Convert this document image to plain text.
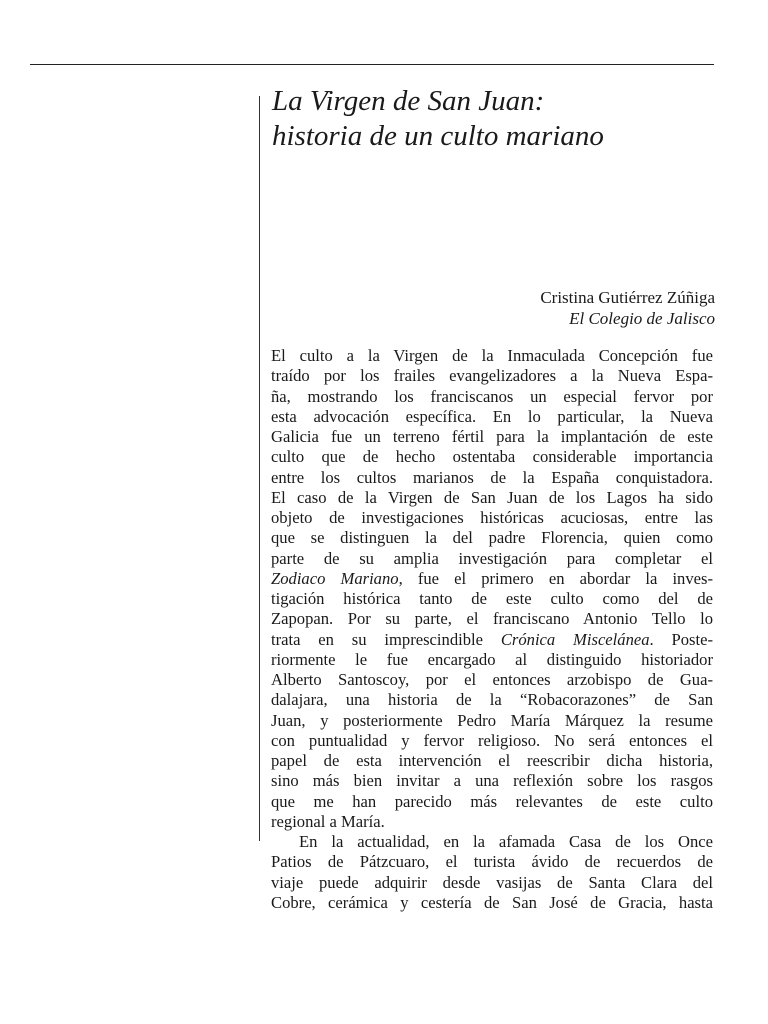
La Virgen de San Juan:
historia de un culto mariano
Cristina Gutiérrez Zúñiga
El Colegio de Jalisco
El culto a la Virgen de la Inmaculada Concepción fue
traído por los frailes evangelizadores a la Nueva Espa-
ña, mostrando los franciscanos un especial fervor por
esta advocación específica. En lo particular, la Nueva
Galicia fue un terreno fértil para la implantación de este
culto que de hecho ostentaba considerable importancia
entre los cultos marianos de la España conquistadora.
El caso de la Virgen de San Juan de los Lagos ha sido
objeto de investigaciones históricas acuciosas, entre las
que se distinguen la del padre Florencia, quien como
parte de su amplia investigación para completar el
Zodiaco Mariano, fue el primero en abordar la inves-
tigación histórica tanto de este culto como del de
Zapopan. Por su parte, el franciscano Antonio Tello lo
trata en su imprescindible Crónica Miscelánea. Poste-
riormente le fue encargado al distinguido historiador
Alberto Santoscoy, por el entonces arzobispo de Gua-
dalajara, una historia de la “Robacorazones” de San
Juan, y posteriormente Pedro María Márquez la resume
con puntualidad y fervor religioso. No será entonces el
papel de esta intervención el reescribir dicha historia,
sino más bien invitar a una reflexión sobre los rasgos
que me han parecido más relevantes de este culto
regional a María.
En la actualidad, en la afamada Casa de los Once
Patios de Pátzcuaro, el turista ávido de recuerdos de
viaje puede adquirir desde vasijas de Santa Clara del
Cobre, cerámica y cestería de San José de Gracia, hasta
